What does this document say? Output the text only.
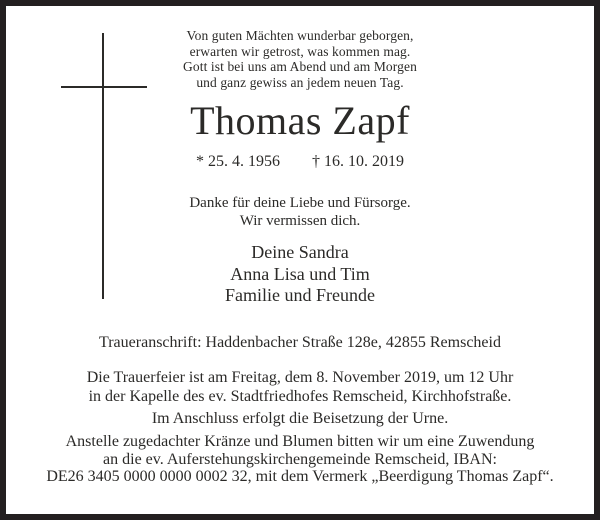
Von guten Mächten wunderbar geborgen,
erwarten wir getrost, was kommen mag.
Gott ist bei uns am Abend und am Morgen
und ganz gewiss an jedem neuen Tag.
Thomas Zapf
* 25. 4. 1956 † 16. 10. 2019
Danke für deine Liebe und Fürsorge.
Wir vermissen dich.
Deine Sandra
Anna Lisa und Tim
Familie und Freunde
Traueranschrift: Haddenbacher Straße 128e, 42855 Remscheid
Die Trauerfeier ist am Freitag, dem 8. November 2019, um 12 Uhr
in der Kapelle des ev. Stadtfriedhofes Remscheid, Kirchhofstraße.
Im Anschluss erfolgt die Beisetzung der Urne.
Anstelle zugedachter Kränze und Blumen bitten wir um eine Zuwendung
an die ev. Auferstehungskirchengemeinde Remscheid, IBAN:
DE26 3405 0000 0000 0002 32, mit dem Vermerk „Beerdigung Thomas Zapf“.
